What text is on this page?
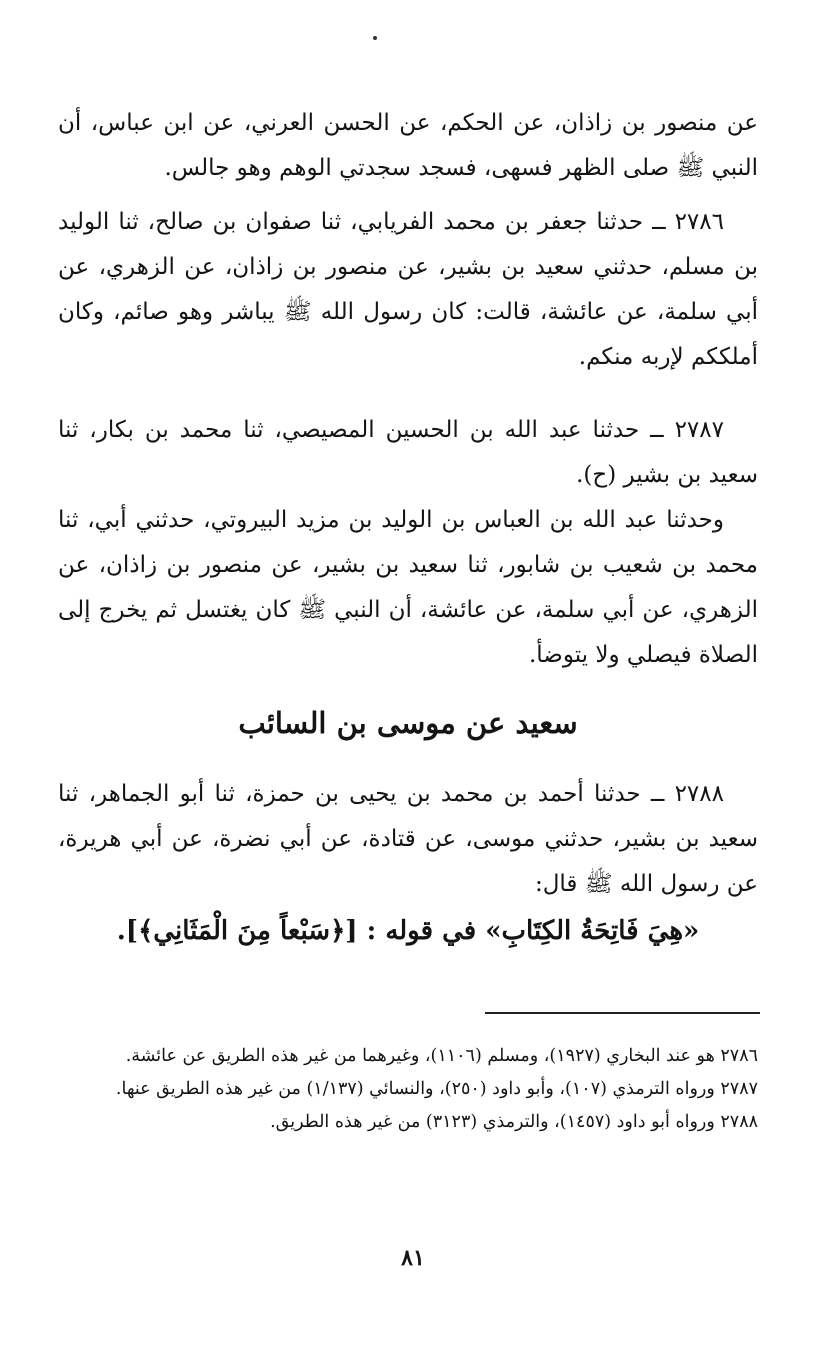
عن منصور بن زاذان، عن الحكم، عن الحسن العرني، عن ابن عباس، أن النبي ﷺ صلى الظهر فسهى، فسجد سجدتي الوهم وهو جالس.

٢٧٨٦ ــ حدثنا جعفر بن محمد الفريابي، ثنا صفوان بن صالح، ثنا الوليد بن مسلم، حدثني سعيد بن بشير، عن منصور بن زاذان، عن الزهري، عن أبي سلمة، عن عائشة، قالت: كان رسول الله ﷺ يباشر وهو صائم، وكان أملككم لإربه منكم.

٢٧٨٧ ــ حدثنا عبد الله بن الحسين المصيصي، ثنا محمد بن بكار، ثنا سعيد بن بشير (ح).

وحدثنا عبد الله بن العباس بن الوليد بن مزيد البيروتي، حدثني أبي، ثنا محمد بن شعيب بن شابور، ثنا سعيد بن بشير، عن منصور بن زاذان، عن الزهري، عن أبي سلمة، عن عائشة، أن النبي ﷺ كان يغتسل ثم يخرج إلى الصلاة فيصلي ولا يتوضأ.

سعيد عن موسى بن السائب

٢٧٨٨ ــ حدثنا أحمد بن محمد بن يحيى بن حمزة، ثنا أبو الجماهر، ثنا سعيد بن بشير، حدثني موسى، عن قتادة، عن أبي نضرة، عن أبي هريرة، عن رسول الله ﷺ قال:

«هِيَ فَاتِحَةُ الكِتَابِ» في قوله : [﴿سَبْعاً مِنَ الْمَثَانِي﴾].

٢٧٨٦ هو عند البخاري (١٩٢٧)، ومسلم (١١٠٦)، وغيرهما من غير هذه الطريق عن عائشة.

٢٧٨٧ ورواه الترمذي (١٠٧)، وأبو داود (٢٥٠)، والنسائي (١/١٣٧) من غير هذه الطريق عنها.

٢٧٨٨ ورواه أبو داود (١٤٥٧)، والترمذي (٣١٢٣) من غير هذه الطريق.

٨١
